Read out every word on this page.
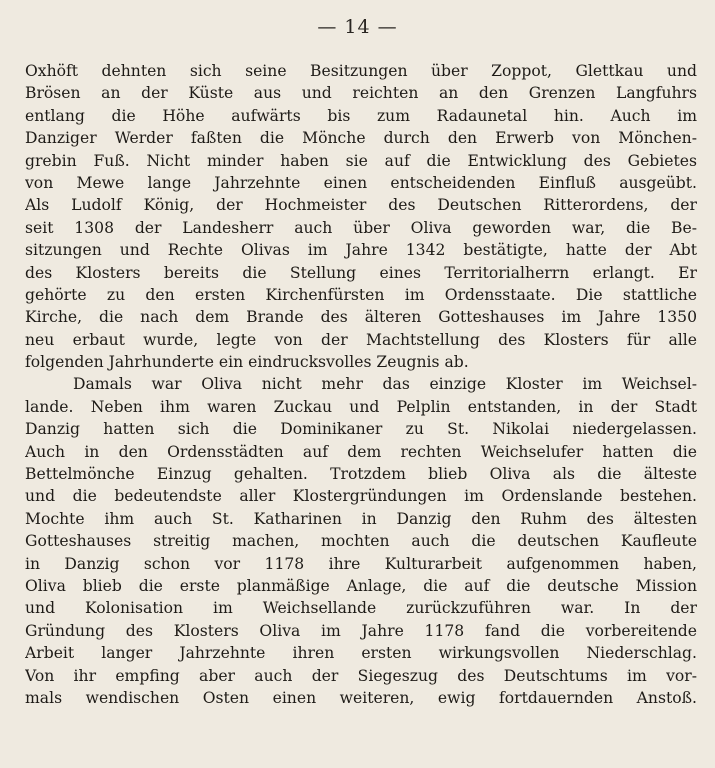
— 14 —
Oxhöft dehnten sich seine Besitzungen über Zoppot, Glettkau und
Brösen an der Küste aus und reichten an den Grenzen Langfuhrs
entlang die Höhe aufwärts bis zum Radaunetal hin. Auch im
Danziger Werder faßten die Mönche durch den Erwerb von Mönchen-
grebin Fuß. Nicht minder haben sie auf die Entwicklung des Gebietes
von Mewe lange Jahrzehnte einen entscheidenden Einfluß ausgeübt.
Als Ludolf König, der Hochmeister des Deutschen Ritterordens, der
seit 1308 der Landesherr auch über Oliva geworden war, die Be-
sitzungen und Rechte Olivas im Jahre 1342 bestätigte, hatte der Abt
des Klosters bereits die Stellung eines Territorialherrn erlangt. Er
gehörte zu den ersten Kirchenfürsten im Ordensstaate. Die stattliche
Kirche, die nach dem Brande des älteren Gotteshauses im Jahre 1350
neu erbaut wurde, legte von der Machtstellung des Klosters für alle
folgenden Jahrhunderte ein eindrucksvolles Zeugnis ab.
Damals war Oliva nicht mehr das einzige Kloster im Weichsel-
lande. Neben ihm waren Zuckau und Pelplin entstanden, in der Stadt
Danzig hatten sich die Dominikaner zu St. Nikolai niedergelassen.
Auch in den Ordensstädten auf dem rechten Weichselufer hatten die
Bettelmönche Einzug gehalten. Trotzdem blieb Oliva als die älteste
und die bedeutendste aller Klostergründungen im Ordenslande bestehen.
Mochte ihm auch St. Katharinen in Danzig den Ruhm des ältesten
Gotteshauses streitig machen, mochten auch die deutschen Kaufleute
in Danzig schon vor 1178 ihre Kulturarbeit aufgenommen haben,
Oliva blieb die erste planmäßige Anlage, die auf die deutsche Mission
und Kolonisation im Weichsellande zurückzuführen war. In der
Gründung des Klosters Oliva im Jahre 1178 fand die vorbereitende
Arbeit langer Jahrzehnte ihren ersten wirkungsvollen Niederschlag.
Von ihr empfing aber auch der Siegeszug des Deutschtums im vor-
mals wendischen Osten einen weiteren, ewig fortdauernden Anstoß.
